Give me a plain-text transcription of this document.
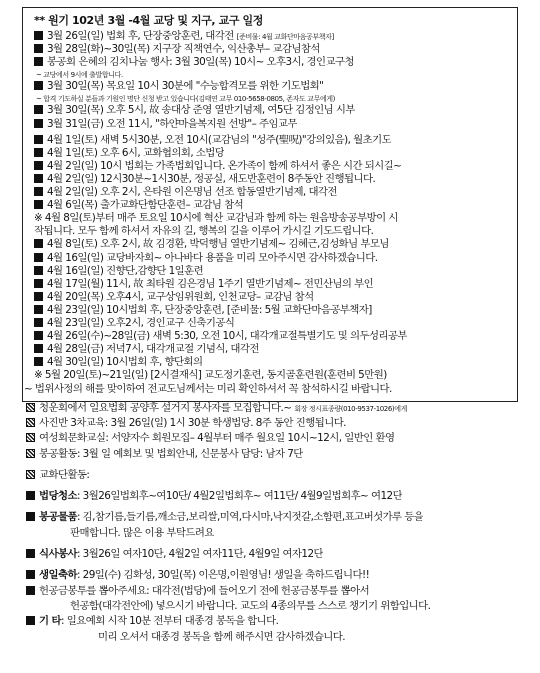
** 원기 102년 3월 -4월 교당 및 지구, 교구 일정
3월 26일(일) 법회 후, 단장중앙훈련, 대각전 [준비물: 4월 교화단마음공부책자]
3월 28일(화)~30일(목) 지구장 직책연수, 익산총부– 교감님참석
봉공회 은혜의 김치나눔 행사: 3월 30일(목) 10시~ 오후3시, 경인교구청
~ 교당에서 9시에 출발합니다.
3월 30일(목) 목요일 10시 30분에 "수능합격모를 위한 기도법회"
~ 합격 기도하실 분들과 기원인 명단 신청 받고 있습니다(김태연 교무 010-5658-0805, 존자도 교무에게)
3월 30일(목) 오후 5시, 故 송대상 준영 열반기념제, 여5단 김정인님 시부
3월 31일(금) 오전 11시, "하얀마을복지원 선방"– 주임교무
4월 1일(토) 새벽 5시30분, 오전 10시(교감님의 "성주(聖呪)"강의있음), 월초기도
4월 1일(토) 오후 6시, 교화협의회, 소법당
4월 2일(일) 10시 법회는 가족법회입니다. 온가족이 함께 하셔서 좋은 시간 되시길~
4월 2일(일) 12시30분~1시30분, 정공실, 새도반훈련이 8주동안 진행됩니다.
4월 2일(일) 오후 2시, 은타원 이은명님 선조 합동열반기념제, 대각전
4월 6일(목) 출가교화단함단훈련– 교감님 참석
※ 4월 8일(토)부터 매주 토요일 10시에 혁산 교감님과 함께 하는 원음방송공부방이 시
작됩니다. 모두 함께 하셔서 자유의 길, 행복의 길을 이루어 가시길 기도드립니다.
4월 8일(토) 오후 2시, 故 김경환, 박덕행님 열반기념제~ 김혜근,김성화님 부모님
4월 16일(일) 교당바자회~ 아나바다 용품을 미리 모아주시면 감사하겠습니다.
4월 16일(일) 진향단,감향단 1일훈련
4월 17일(월) 11시, 故 최타원 김은경님 1주기 열반기념제~ 전민산님의 부인
4월 20일(목) 오후4시, 교구상임위원회, 인천교당– 교감님 참석
4월 23일(일) 10시법회 후, 단장중앙훈련, [준비물: 5월 교화단마음공부책자]
4월 23일(일) 오후2시, 경인교구 신축기공식
4월 26일(수)~28일(금) 새벽 5:30, 오전 10시, 대각개교절특별기도 및 의두성리공부
4월 28일(금) 저녁7시, 대각개교절 기념식, 대각전
4월 30일(일) 10시법회 후, 향단회의
※ 5월 20일(토)~21일(일) [2시결재식] 교도정기훈련, 동지골훈련원(훈련비 5만원)
~ 법위사정의 해를 맞이하여 전교도님께서는 미리 확인하셔서 꼭 참석하시길 바랍니다.
청운회에서 일요법회 공양후 설거지 봉사자를 모집합니다.~ 회장 정시표종량(010-9537-1026)에게
사진반 3차교육: 3월 26일(일) 1시 30분 학생법당. 8주 동안 진행됩니다.
여성회문화교실: 서양자수 회원모집– 4월부터 매주 월요일 10시~12시, 일반인 환영
봉공활동: 3월 일 예회보 및 법회안내, 신문봉사 담당: 남자 7단
교화단활동:
법당청소: 3월26일법회후~여10단/ 4월2일법회후~ 여11단/ 4월9일법회후~ 여12단
봉공물품: 김,참기름,들기름,깨소금,보리쌀,미역,다시마,낙지젓갈,소함편,표고버섯가루 등을
판매합니다. 많은 이용 부탁드려요
식사봉사: 3월26일 여자10단, 4월2일 여자11단, 4월9일 여자12단
생일축하: 29일(수) 김화성, 30일(목) 이은명,이원영님! 생일을 축하드립니다!!
헌공금봉투를 뽑아주세요: 대각전(법당)에 들어오기 전에 헌공금봉투를 뽑아서
헌공함(대각전안에) 넣으시기 바랍니다. 교도의 4종의무를 스스로 챙기기 위함입니다.
기 타: 일요예회 시작 10분 전부터 대종경 봉독을 합니다.
미리 오셔서 대종경 봉독을 함께 해주시면 감사하겠습니다.
